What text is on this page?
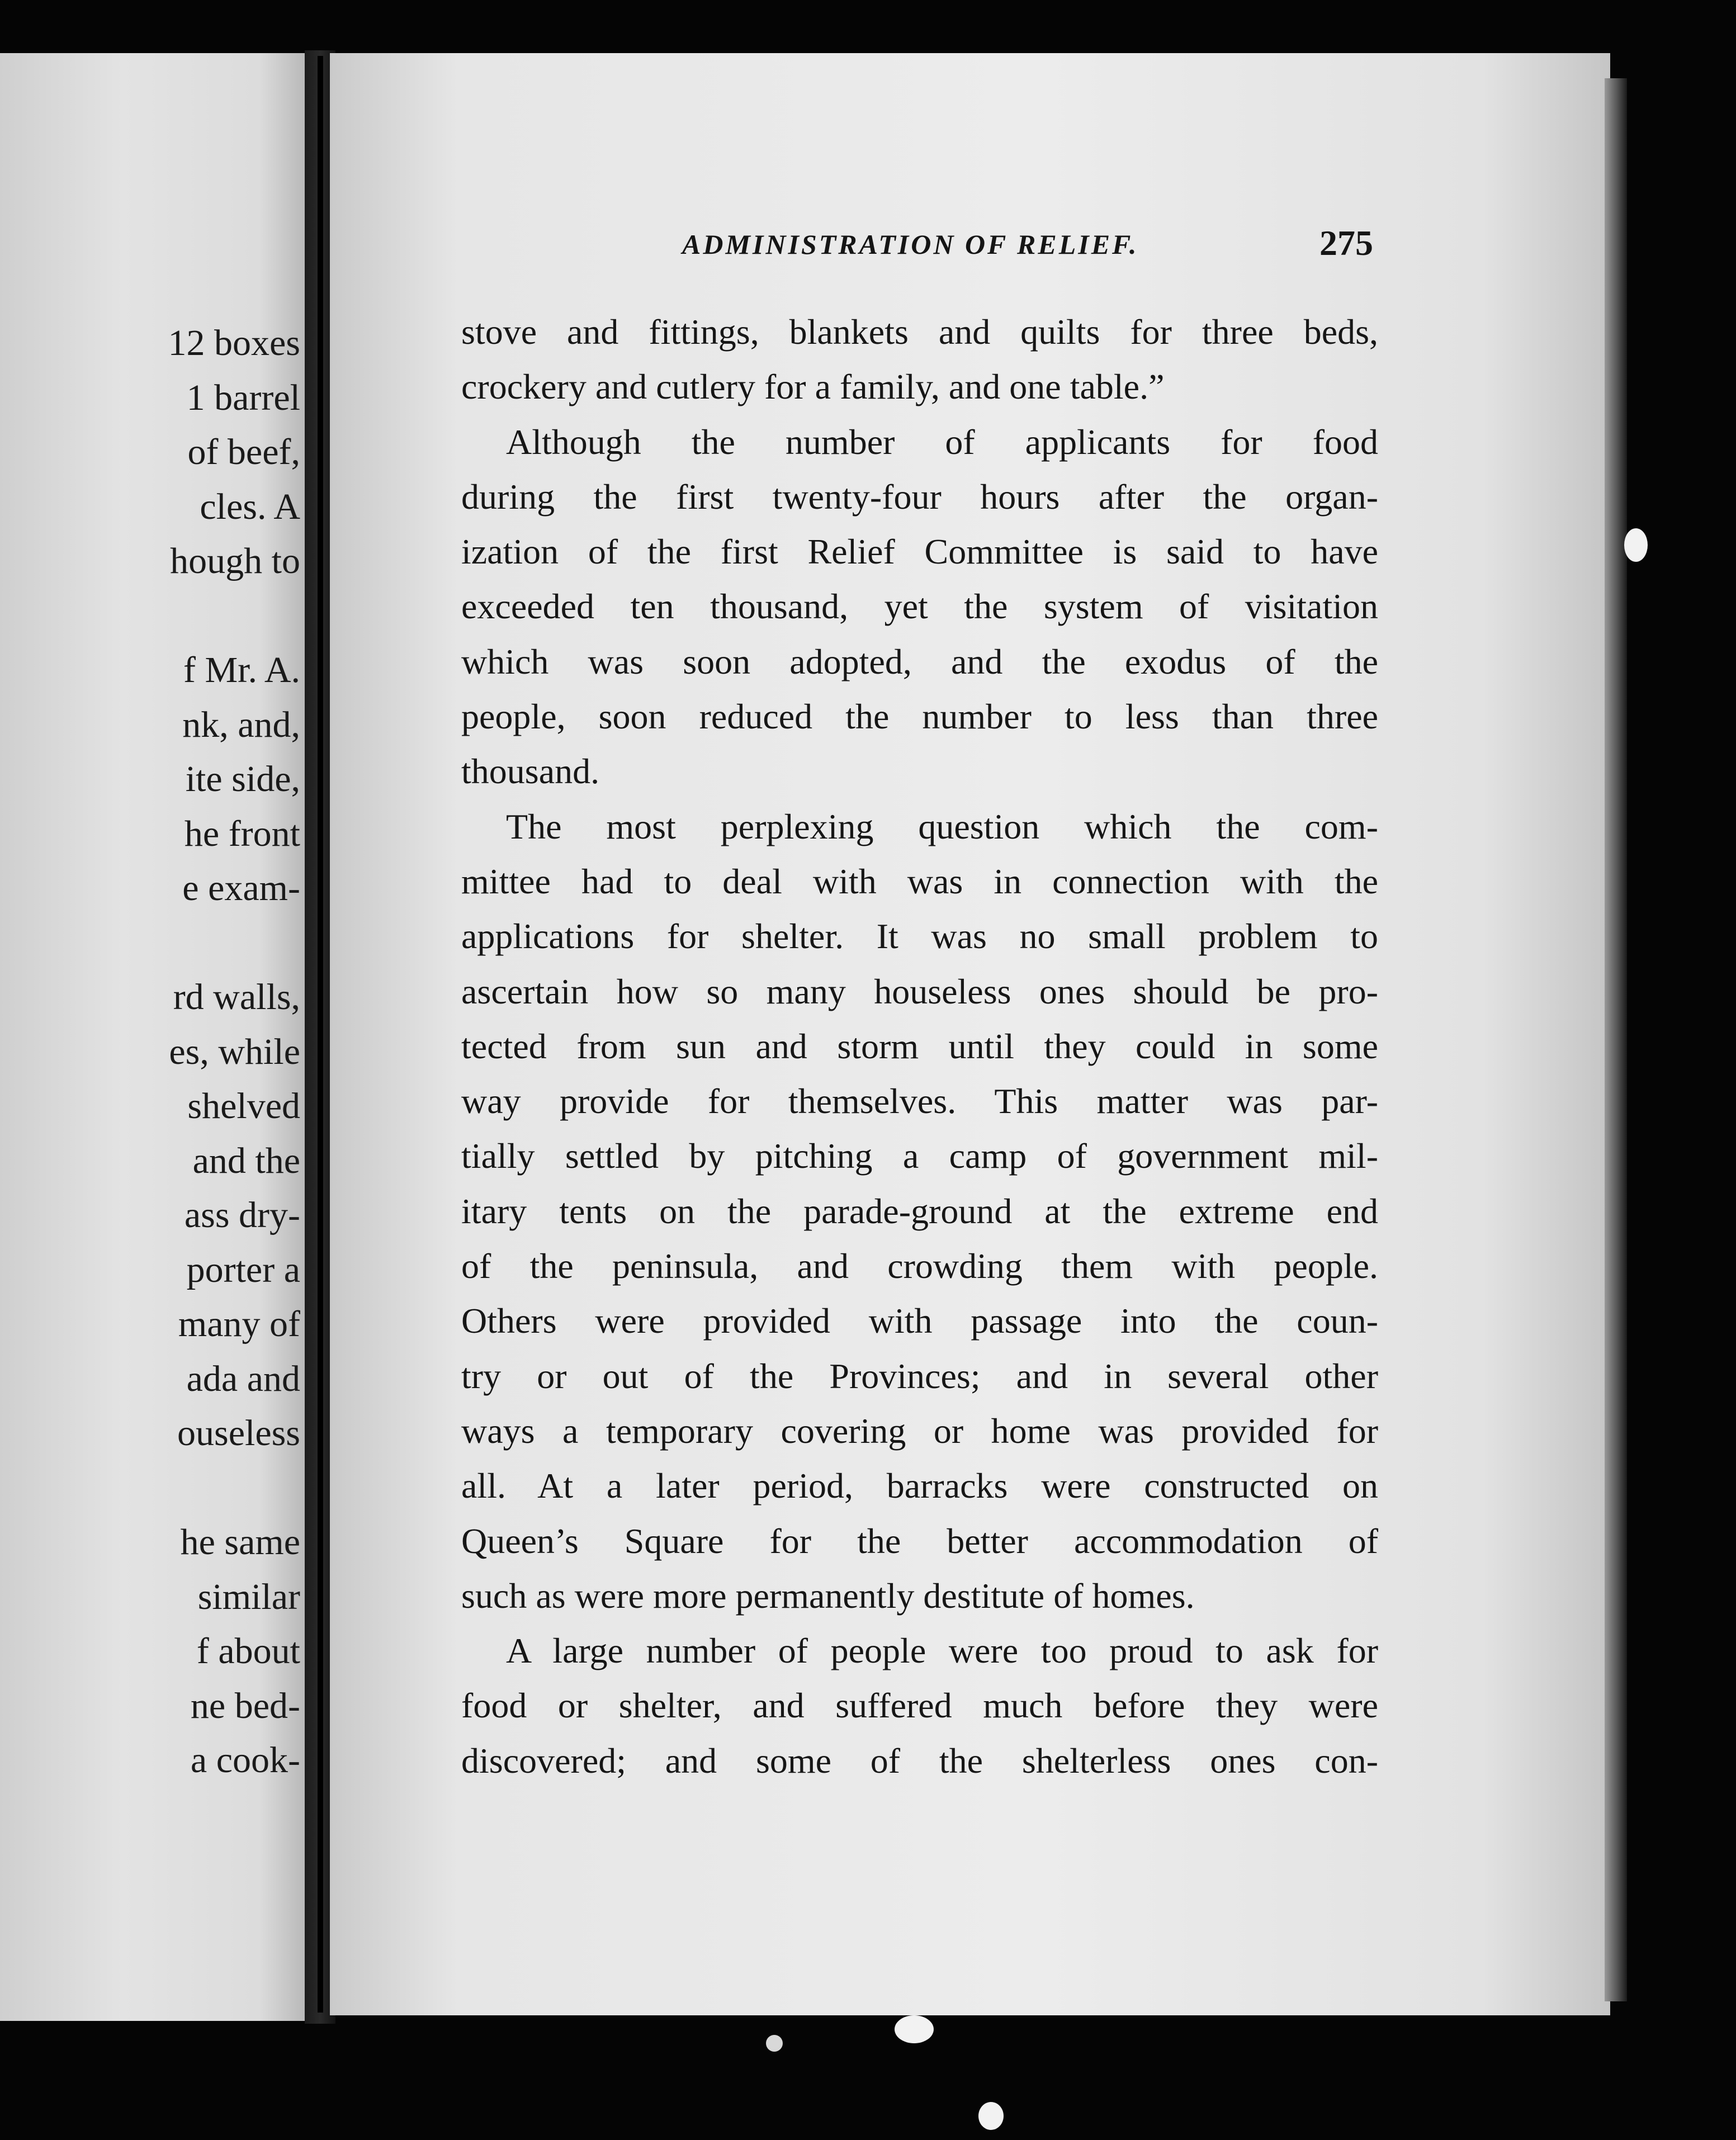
12 boxes
1 barrel
of beef,
cles. A
hough to
f Mr. A.
nk, and,
ite side,
he front
e exam-
rd walls,
es, while
shelved
and the
ass dry-
porter a
many of
ada and
ouseless
he same
similar
f about
ne bed-
a cook-
ADMINISTRATION OF RELIEF.	275
stove and fittings, blankets and quilts for three beds,
crockery and cutlery for a family, and one table.”
Although the number of applicants for food
during the first twenty-four hours after the organ-
ization of the first Relief Committee is said to have
exceeded ten thousand, yet the system of visitation
which was soon adopted, and the exodus of the
people, soon reduced the number to less than three
thousand.
The most perplexing question which the com-
mittee had to deal with was in connection with the
applications for shelter. It was no small problem to
ascertain how so many houseless ones should be pro-
tected from sun and storm until they could in some
way provide for themselves. This matter was par-
tially settled by pitching a camp of government mil-
itary tents on the parade-ground at the extreme end
of the peninsula, and crowding them with people.
Others were provided with passage into the coun-
try or out of the Provinces; and in several other
ways a temporary covering or home was provided for
all. At a later period, barracks were constructed on
Queen’s Square for the better accommodation of
such as were more permanently destitute of homes.
A large number of people were too proud to ask for
food or shelter, and suffered much before they were
discovered; and some of the shelterless ones con-
